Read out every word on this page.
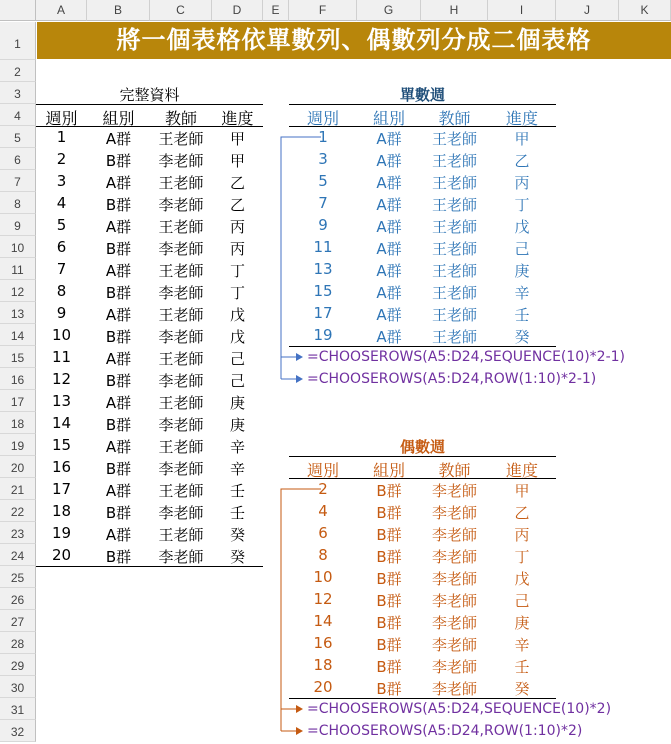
A	B	C	D	E	F	G	H	I	J	K
1
2
3
4
5
6
7
8
9
10
11
12
13
14
15
16
17
18
19
20
21
22
23
24
25
26
27
28
29
30
31
32
將一個表格依單數列、偶數列分成二個表格
完整資料
週別	組別	教師	進度
1	A群	王老師	甲
2	B群	李老師	甲
3	A群	王老師	乙
4	B群	李老師	乙
5	A群	王老師	丙
6	B群	李老師	丙
7	A群	王老師	丁
8	B群	李老師	丁
9	A群	王老師	戊
10	B群	李老師	戊
11	A群	王老師	己
12	B群	李老師	己
13	A群	王老師	庚
14	B群	李老師	庚
15	A群	王老師	辛
16	B群	李老師	辛
17	A群	王老師	壬
18	B群	李老師	壬
19	A群	王老師	癸
20	B群	李老師	癸
單數週
週別	組別	教師	進度
1	A群	王老師	甲
3	A群	王老師	乙
5	A群	王老師	丙
7	A群	王老師	丁
9	A群	王老師	戊
11	A群	王老師	己
13	A群	王老師	庚
15	A群	王老師	辛
17	A群	王老師	壬
19	A群	王老師	癸
=CHOOSEROWS(A5:D24,SEQUENCE(10)*2-1)
=CHOOSEROWS(A5:D24,ROW(1:10)*2-1)
偶數週
週別	組別	教師	進度
2	B群	李老師	甲
4	B群	李老師	乙
6	B群	李老師	丙
8	B群	李老師	丁
10	B群	李老師	戊
12	B群	李老師	己
14	B群	李老師	庚
16	B群	李老師	辛
18	B群	李老師	壬
20	B群	李老師	癸
=CHOOSEROWS(A5:D24,SEQUENCE(10)*2)
=CHOOSEROWS(A5:D24,ROW(1:10)*2)
